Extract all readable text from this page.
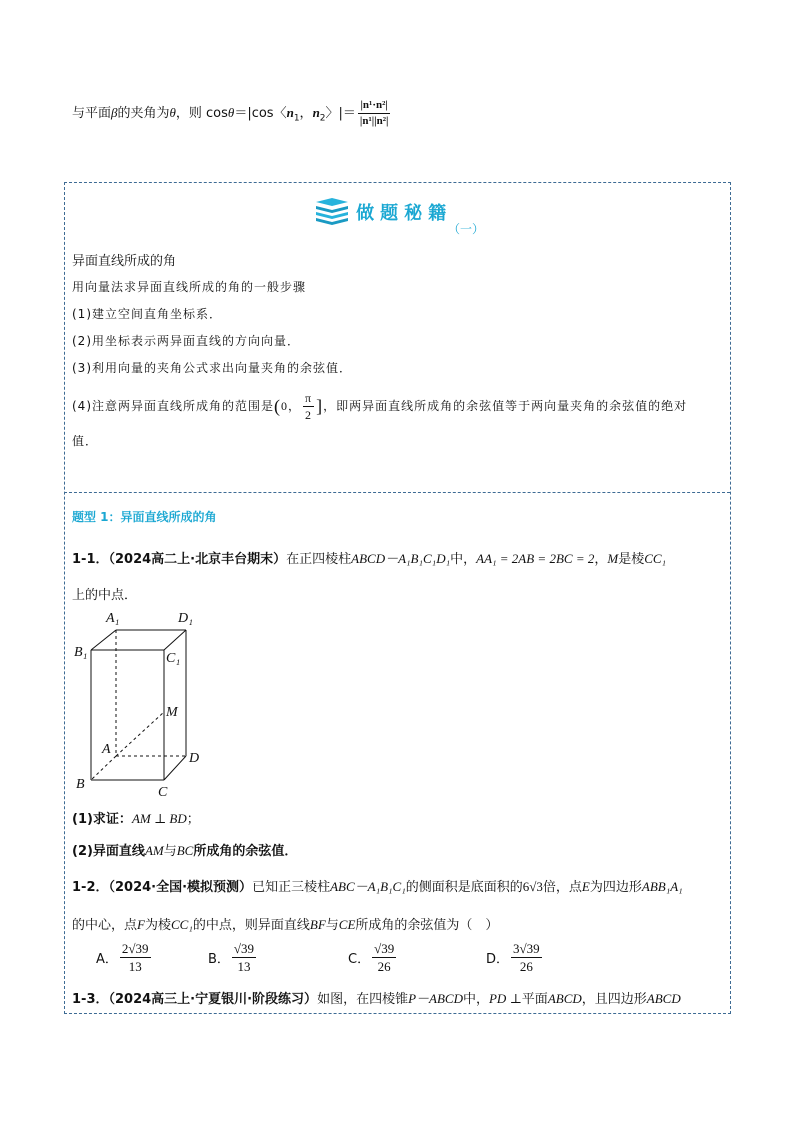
与平面β的夹角为θ，则 cosθ＝|cos〈$n_1$，$n_2$〉|＝ $\frac{\text{|n¹·n²|}}{\text{|n¹||n²|}}$
做题秘籍
（一）
异面直线所成的角
用向量法求异面直线所成的角的一般步骤
(1)建立空间直角坐标系．
(2)用坐标表示两异面直线的方向向量．
(3)利用向量的夹角公式求出向量夹角的余弦值．
(4)注意两异面直线所成角的范围是(0， $\frac{\pi}{2}$ ]，即两异面直线所成角的余弦值等于两向量夹角的余弦值的绝对
值．
题型 1：异面直线所成的角
1-1．（2024高二上·北京丰台期末）在正四棱柱ABCD－A₁B₁C₁D₁中，AA₁ = 2AB = 2BC = 2，M是棱CC₁
上的中点．
A₁	D₁
B₁	C₁
M
A
D
B
C
(1)求证：AM ⊥ BD；
(2)异面直线AM与BC所成角的余弦值．
1-2．（2024·全国·模拟预测）已知正三棱柱ABC－A₁B₁C₁的侧面积是底面积的6√3倍，点E为四边形ABB₁A₁
的中心，点F为棱CC₁的中点，则异面直线BF与CE所成角的余弦值为（　）
A． $\frac{2√39}{13}$	B． $\frac{√39}{13}$	C． $\frac{√39}{26}$	D． $\frac{3√39}{26}$
1-3．（2024高三上·宁夏银川·阶段练习）如图，在四棱锥P－ABCD中，PD ⊥平面ABCD，且四边形ABCD
